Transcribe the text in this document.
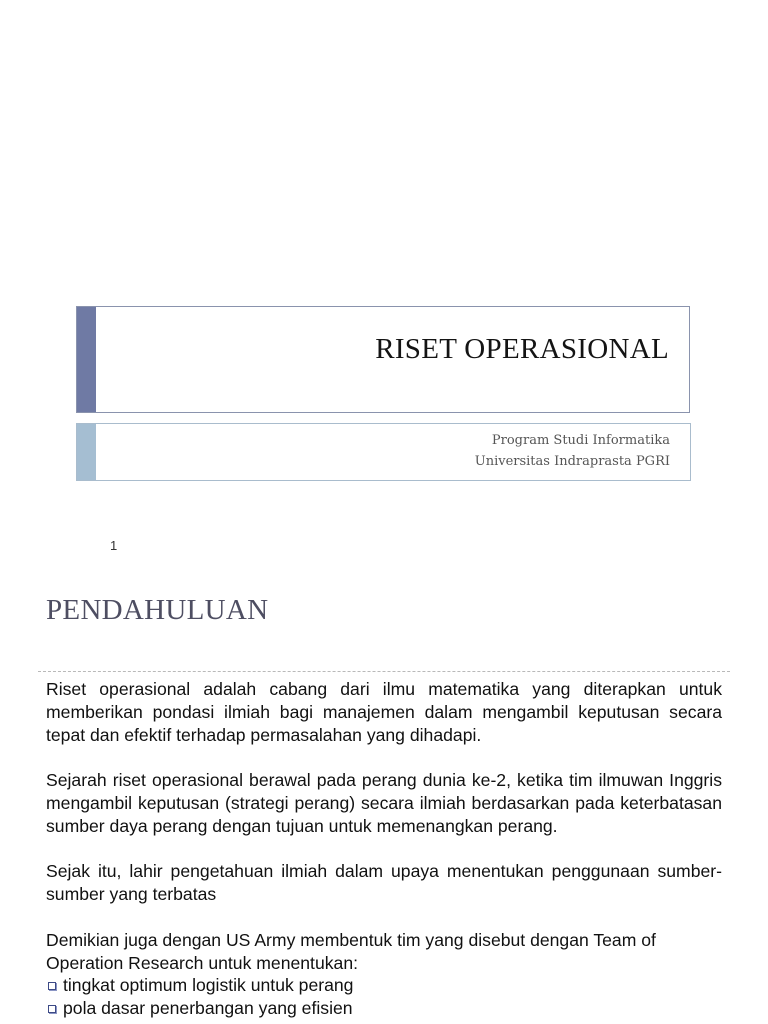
RISET OPERASIONAL
Program Studi Informatika
Universitas Indraprasta PGRI
1
PENDAHULUAN

Riset operasional adalah cabang dari ilmu matematika yang diterapkan untuk memberikan pondasi ilmiah bagi manajemen dalam mengambil keputusan secara tepat dan efektif terhadap permasalahan yang dihadapi.

Sejarah riset operasional berawal pada perang dunia ke-2, ketika tim ilmuwan Inggris mengambil keputusan (strategi perang) secara ilmiah berdasarkan pada keterbatasan sumber daya perang dengan tujuan untuk memenangkan perang.

Sejak itu, lahir pengetahuan ilmiah dalam upaya menentukan penggunaan sumber-sumber yang terbatas

Demikian juga dengan US Army membentuk tim yang disebut dengan Team of Operation Research untuk menentukan:

tingkat optimum logistik untuk perang
pola dasar penerbangan yang efisien
